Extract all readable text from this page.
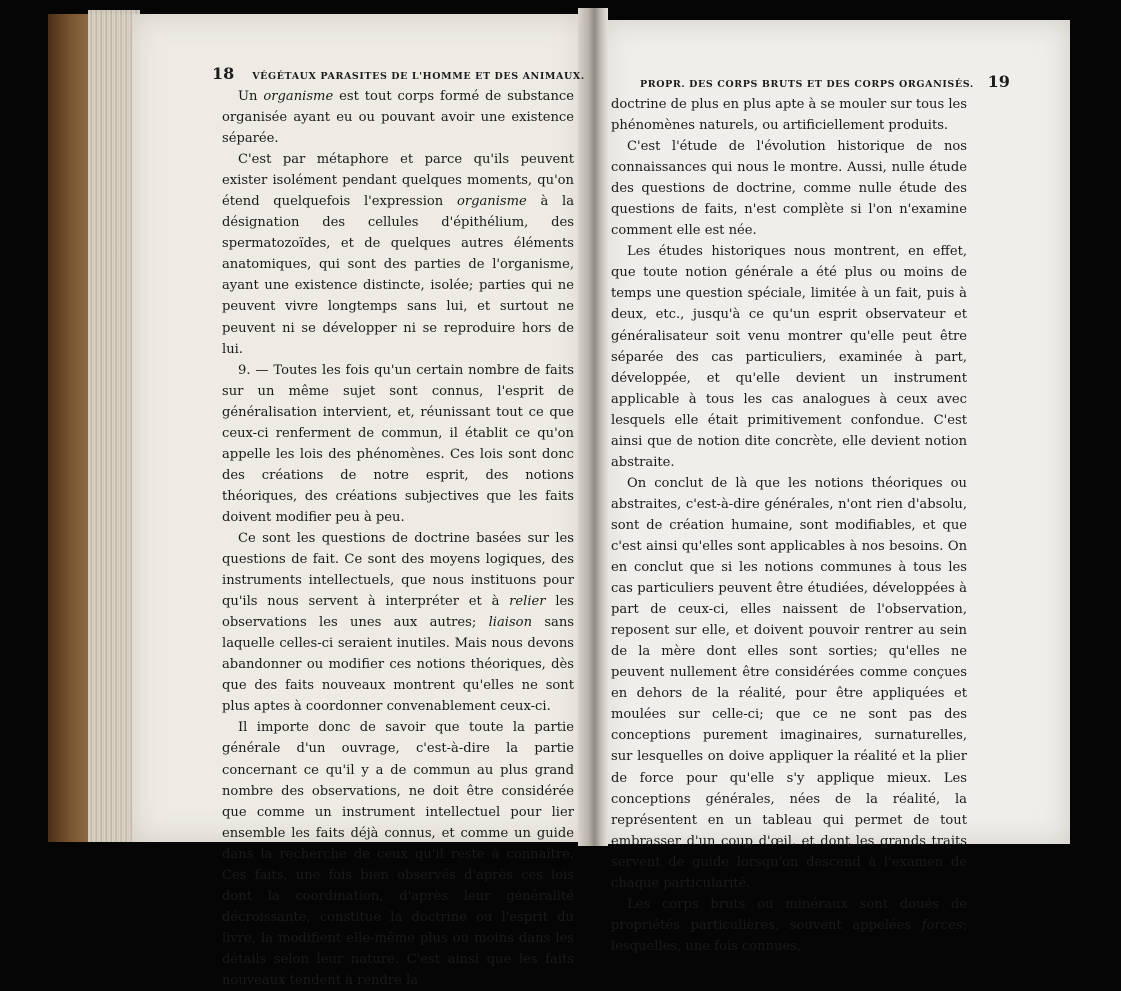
18 VÉGÉTAUX PARASITES DE L'HOMME ET DES ANIMAUX.
PROPR. DES CORPS BRUTS ET DES CORPS ORGANISÉS. 19

Un organisme est tout corps formé de substance organisée ayant eu ou pouvant avoir une existence séparée.

C'est par métaphore et parce qu'ils peuvent exister isolément pendant quelques moments, qu'on étend quelquefois l'expression organisme à la désignation des cellules d'épithélium, des spermatozoïdes, et de quelques autres éléments anatomiques, qui sont des parties de l'organisme, ayant une existence distincte, isolée; parties qui ne peuvent vivre longtemps sans lui, et surtout ne peuvent ni se développer ni se reproduire hors de lui.

9. — Toutes les fois qu'un certain nombre de faits sur un même sujet sont connus, l'esprit de généralisation intervient, et, réunissant tout ce que ceux-ci renferment de commun, il établit ce qu'on appelle les lois des phénomènes. Ces lois sont donc des créations de notre esprit, des notions théoriques, des créations subjectives que les faits doivent modifier peu à peu.

Ce sont les questions de doctrine basées sur les questions de fait. Ce sont des moyens logiques, des instruments intellectuels, que nous instituons pour qu'ils nous servent à interpréter et à relier les observations les unes aux autres; liaison sans laquelle celles-ci seraient inutiles. Mais nous devons abandonner ou modifier ces notions théoriques, dès que des faits nouveaux montrent qu'elles ne sont plus aptes à coordonner convenablement ceux-ci.

Il importe donc de savoir que toute la partie générale d'un ouvrage, c'est-à-dire la partie concernant ce qu'il y a de commun au plus grand nombre des observations, ne doit être considérée que comme un instrument intellectuel pour lier ensemble les faits déjà connus, et comme un guide dans la recherche de ceux qu'il reste à connaître. Ces faits, une fois bien observés d'après ces lois dont la coordination, d'après leur généralité décroissante, constitue la doctrine ou l'esprit du livre, la modifient elle-même plus ou moins dans les détails selon leur nature. C'est ainsi que les faits nouveaux tendent à rendre la

doctrine de plus en plus apte à se mouler sur tous les phénomènes naturels, ou artificiellement produits.

C'est l'étude de l'évolution historique de nos connaissances qui nous le montre. Aussi, nulle étude des questions de doctrine, comme nulle étude des questions de faits, n'est complète si l'on n'examine comment elle est née.

Les études historiques nous montrent, en effet, que toute notion générale a été plus ou moins de temps une question spéciale, limitée à un fait, puis à deux, etc., jusqu'à ce qu'un esprit observateur et généralisateur soit venu montrer qu'elle peut être séparée des cas particuliers, examinée à part, développée, et qu'elle devient un instrument applicable à tous les cas analogues à ceux avec lesquels elle était primitivement confondue. C'est ainsi que de notion dite concrète, elle devient notion abstraite.

On conclut de là que les notions théoriques ou abstraites, c'est-à-dire générales, n'ont rien d'absolu, sont de création humaine, sont modifiables, et que c'est ainsi qu'elles sont applicables à nos besoins. On en conclut que si les notions communes à tous les cas particuliers peuvent être étudiées, développées à part de ceux-ci, elles naissent de l'observation, reposent sur elle, et doivent pouvoir rentrer au sein de la mère dont elles sont sorties; qu'elles ne peuvent nullement être considérées comme conçues en dehors de la réalité, pour être appliquées et moulées sur celle-ci; que ce ne sont pas des conceptions purement imaginaires, surnaturelles, sur lesquelles on doive appliquer la réalité et la plier de force pour qu'elle s'y applique mieux. Les conceptions générales, nées de la réalité, la représentent en un tableau qui permet de tout embrasser d'un coup d'œil, et dont les grands traits servent de guide lorsqu'on descend à l'examen de chaque particularité.

Les corps bruts ou minéraux sont doués de propriétés particulières, souvent appelées forces; lesquelles, une fois connues,
